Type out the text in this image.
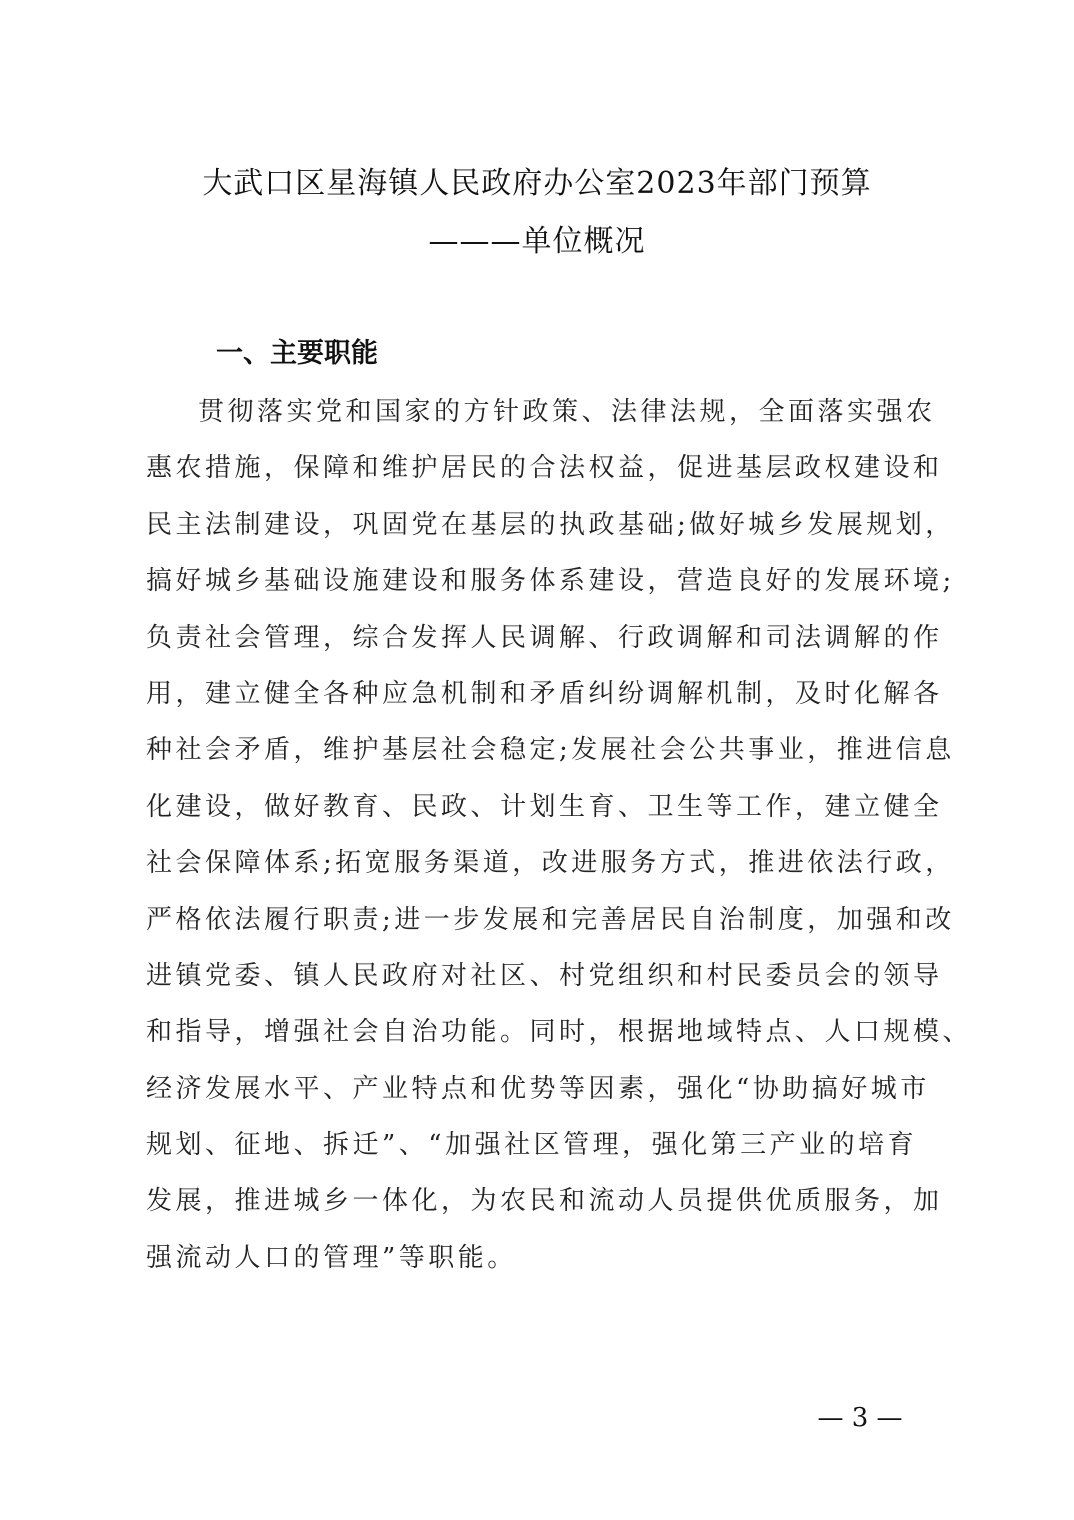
大武口区星海镇人民政府办公室2023年部门预算
———单位概况
一、主要职能
贯彻落实党和国家的方针政策、法律法规，全面落实强农
惠农措施，保障和维护居民的合法权益，促进基层政权建设和
民主法制建设，巩固党在基层的执政基础;做好城乡发展规划，
搞好城乡基础设施建设和服务体系建设，营造良好的发展环境;
负责社会管理，综合发挥人民调解、行政调解和司法调解的作
用，建立健全各种应急机制和矛盾纠纷调解机制，及时化解各
种社会矛盾，维护基层社会稳定;发展社会公共事业，推进信息
化建设，做好教育、民政、计划生育、卫生等工作，建立健全
社会保障体系;拓宽服务渠道，改进服务方式，推进依法行政，
严格依法履行职责;进一步发展和完善居民自治制度，加强和改
进镇党委、镇人民政府对社区、村党组织和村民委员会的领导
和指导，增强社会自治功能。同时，根据地域特点、人口规模、
经济发展水平、产业特点和优势等因素，强化“协助搞好城市
规划、征地、拆迁”、“加强社区管理，强化第三产业的培育
发展，推进城乡一体化，为农民和流动人员提供优质服务，加
强流动人口的管理”等职能。
— 3 —
